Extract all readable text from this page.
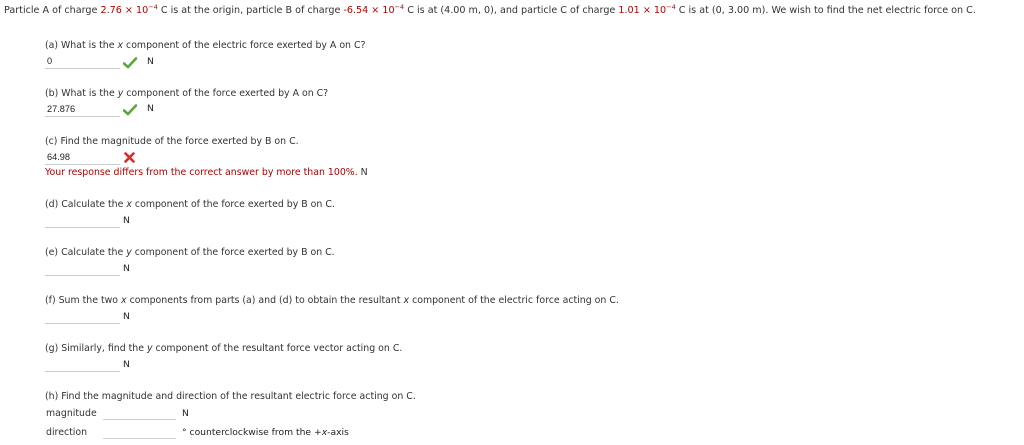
Particle A of charge $2.76 \times 10^{-4}$ C is at the origin, particle B of charge $-6.54 \times 10^{-4}$ C is at (4.00 m, 0), and particle C of charge $1.01 \times 10^{-4}$ C is at (0, 3.00 m). We wish to find the net electric force on C.
(a) What is the x component of the electric force exerted by A on C?
0	N
(b) What is the y component of the force exerted by A on C?
27.876	N
(c) Find the magnitude of the force exerted by B on C.
64.98
Your response differs from the correct answer by more than 100%. N
(d) Calculate the x component of the force exerted by B on C.
N
(e) Calculate the y component of the force exerted by B on C.
N
(f) Sum the two x components from parts (a) and (d) to obtain the resultant x component of the electric force acting on C.
N
(g) Similarly, find the y component of the resultant force vector acting on C.
N
(h) Find the magnitude and direction of the resultant electric force acting on C.
magnitude	N
direction	° counterclockwise from the +x-axis
